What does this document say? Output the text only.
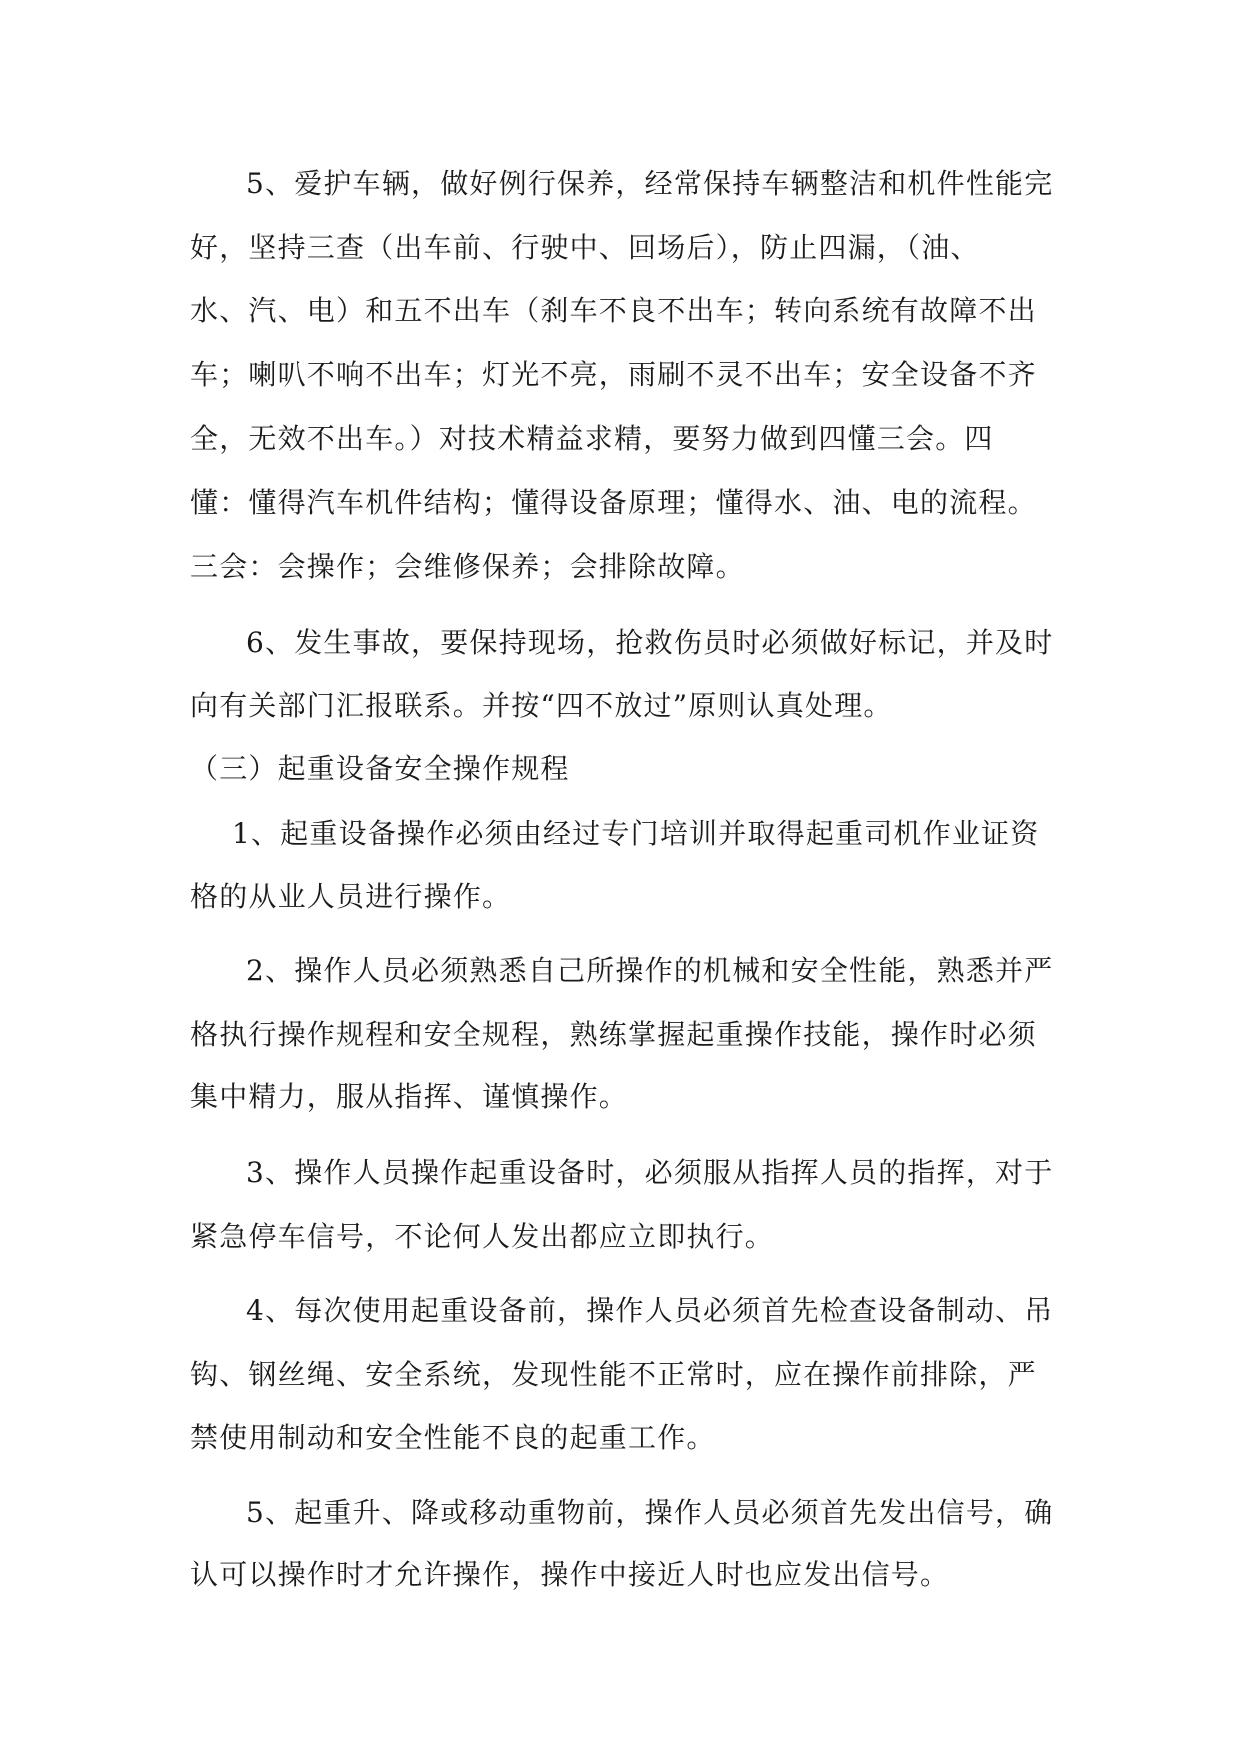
5、爱护车辆，做好例行保养，经常保持车辆整洁和机件性能完
好，坚持三查（出车前、行驶中、回场后），防止四漏，（油、
水、汽、电）和五不出车（刹车不良不出车；转向系统有故障不出
车；喇叭不响不出车；灯光不亮，雨刷不灵不出车；安全设备不齐
全，无效不出车。）对技术精益求精，要努力做到四懂三会。四
懂：懂得汽车机件结构；懂得设备原理；懂得水、油、电的流程。
三会：会操作；会维修保养；会排除故障。
6、发生事故，要保持现场，抢救伤员时必须做好标记，并及时
向有关部门汇报联系。并按“四不放过”原则认真处理。
（三）起重设备安全操作规程
1、起重设备操作必须由经过专门培训并取得起重司机作业证资
格的从业人员进行操作。
2、操作人员必须熟悉自己所操作的机械和安全性能，熟悉并严
格执行操作规程和安全规程，熟练掌握起重操作技能，操作时必须
集中精力，服从指挥、谨慎操作。
3、操作人员操作起重设备时，必须服从指挥人员的指挥，对于
紧急停车信号，不论何人发出都应立即执行。
4、每次使用起重设备前，操作人员必须首先检查设备制动、吊
钩、钢丝绳、安全系统，发现性能不正常时，应在操作前排除，严
禁使用制动和安全性能不良的起重工作。
5、起重升、降或移动重物前，操作人员必须首先发出信号，确
认可以操作时才允许操作，操作中接近人时也应发出信号。
